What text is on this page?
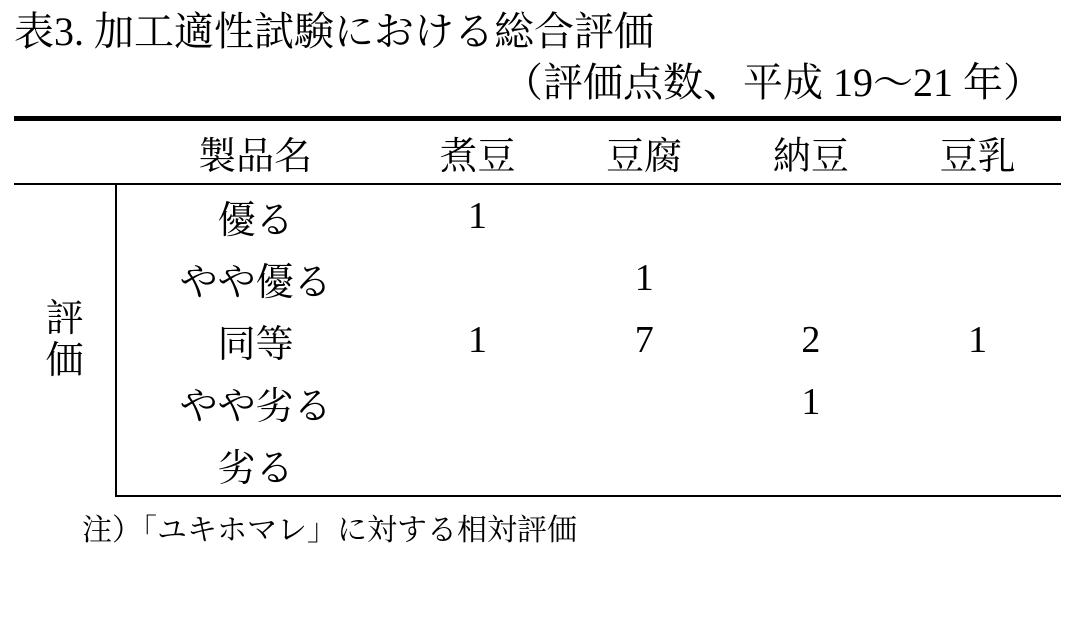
表3. 加工適性試験における総合評価
（評価点数、平成 19〜21 年）
	製品名	煮豆	豆腐	納豆	豆乳

評
価	優る	1			
	やや優る		1		
	同等	1	7	2	1
	やや劣る			1	
	劣る				
注）「ユキホマレ」に対する相対評価
